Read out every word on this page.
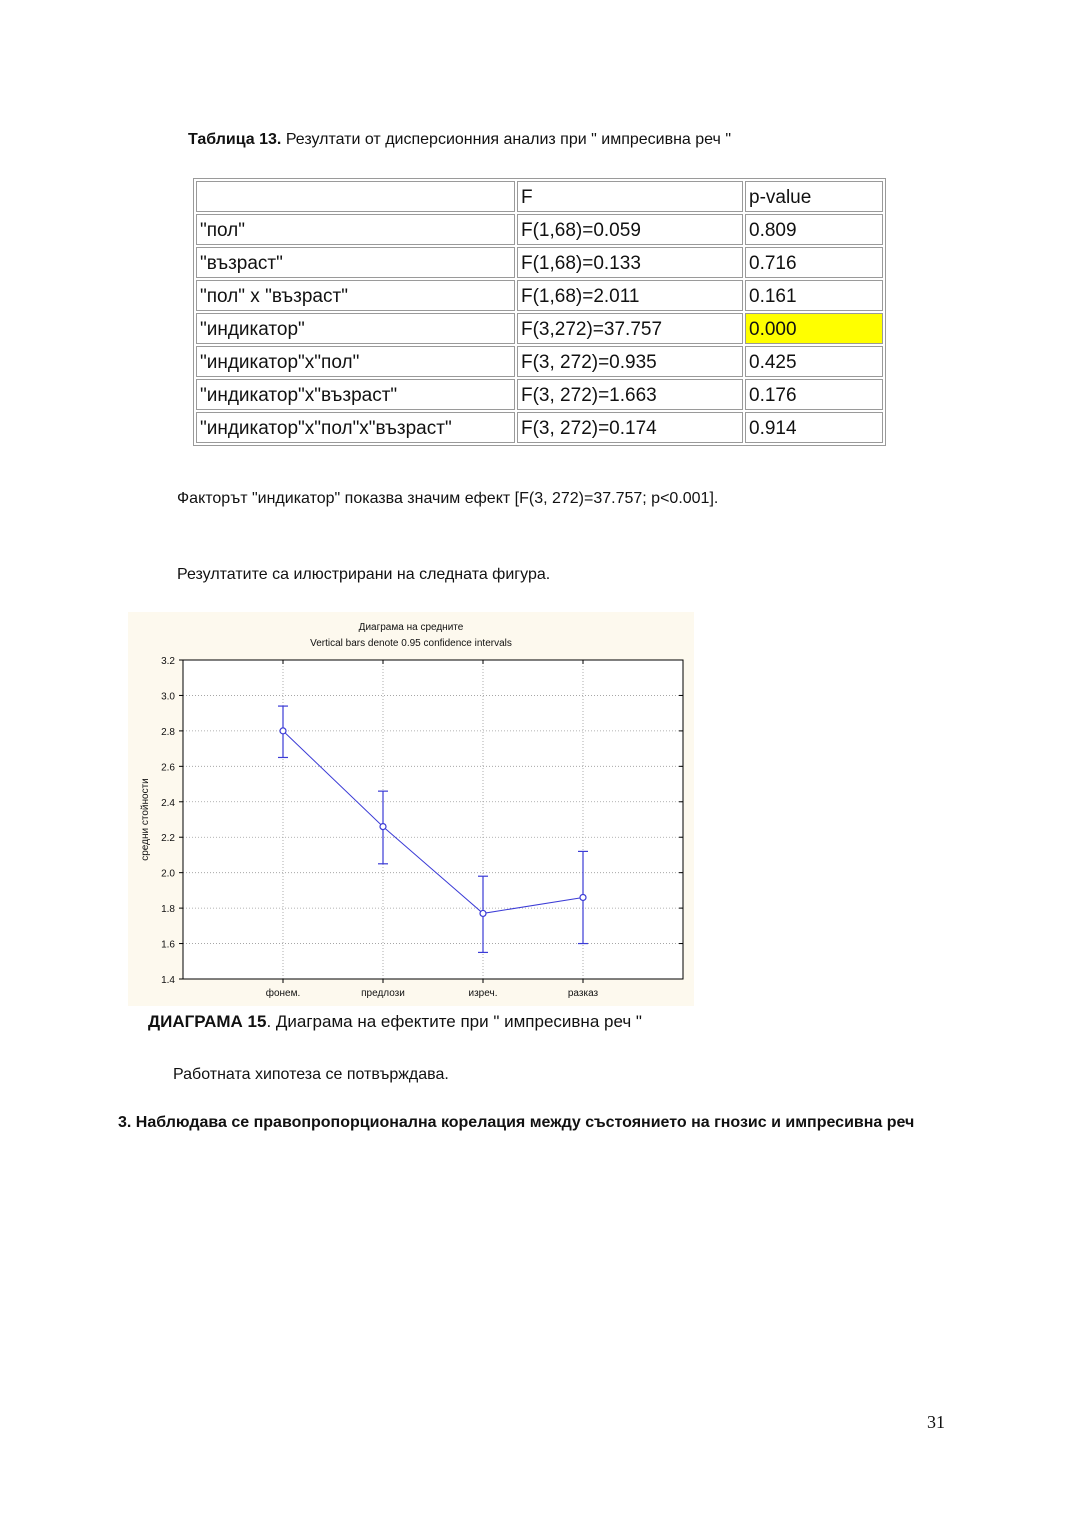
Таблица 13. Резултати от дисперсионния анализ при " импресивна реч "
	F	p-value
"пол"	F(1,68)=0.059	0.809
"възраст"	F(1,68)=0.133	0.716
"пол" x "възраст"	F(1,68)=2.011	0.161
"индикатор"	F(3,272)=37.757	0.000
"индикатор"x"пол"	F(3, 272)=0.935	0.425
"индикатор"x"възраст"	F(3, 272)=1.663	0.176
"индикатор"x"пол"x"възраст"	F(3, 272)=0.174	0.914
Факторът "индикатор" показва значим ефект [F(3, 272)=37.757; p<0.001].
Резултатите са илюстрирани на следната фигура.
3.2
3.0
2.8
2.6
2.4
2.2
2.0
1.8
1.6
1.4
фонем.	предлози	изреч.	разказ
Диаграма на средните
Vertical bars denote 0.95 confidence intervals
средни стойности
ДИАГРАМА 15. Диаграма на ефектите при " импресивна реч "
Работната хипотеза се потвърждава.
3. Наблюдава се правопропорционална корелация между състоянието на гнозис и импресивна реч
31
